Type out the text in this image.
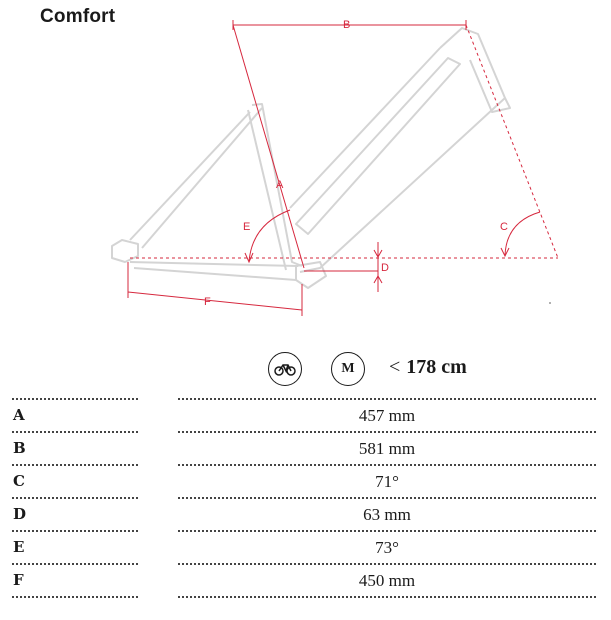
Comfort	B
A
E	C
D
F
M	< 178 cm
A	457 mm
B	581 mm
C	71°
D	63 mm
E	73°
F	450 mm
